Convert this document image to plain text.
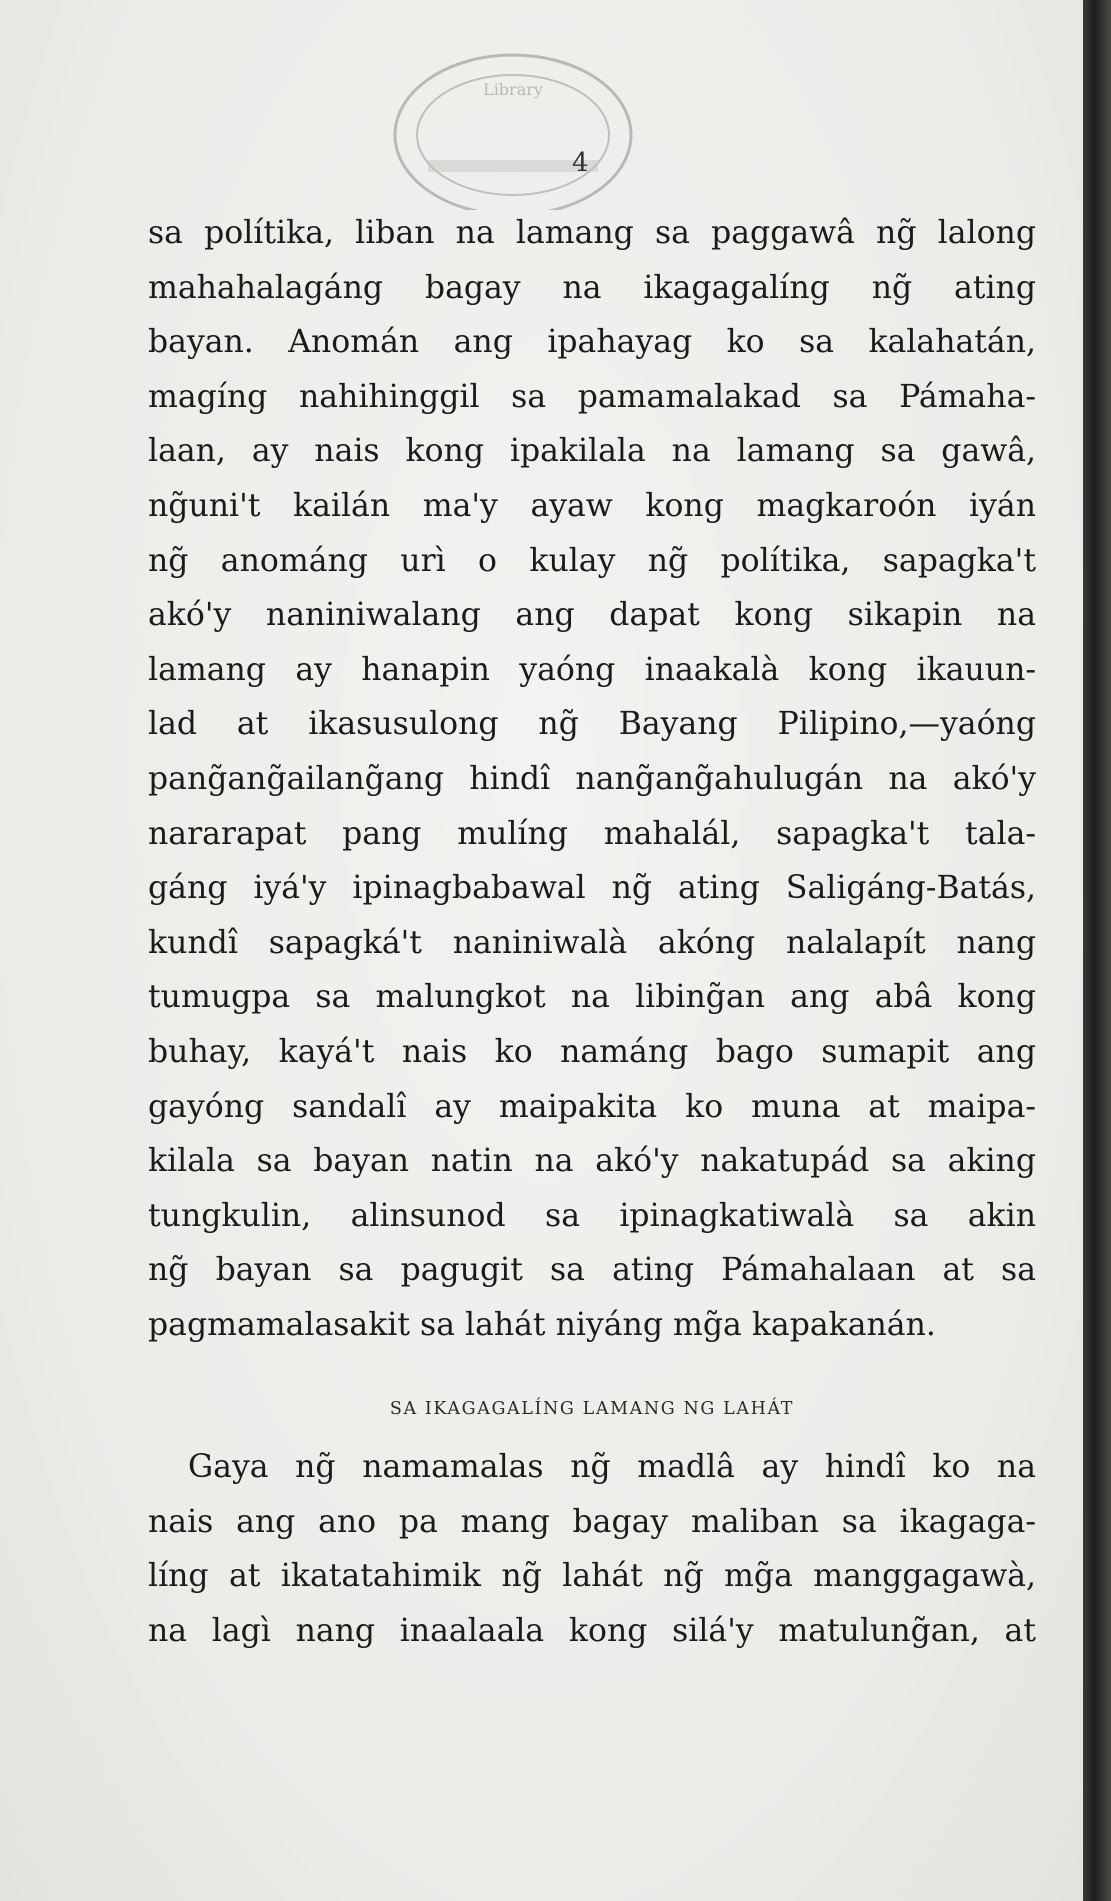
Library
4
sa polítika, liban na lamang sa paggawâ ng̃ lalong
mahahalagáng bagay na ikagagalíng ng̃ ating
bayan. Anomán ang ipahayag ko sa kalahatán,
magíng nahihinggil sa pamamalakad sa Pámaha-
laan, ay nais kong ipakilala na lamang sa gawâ,
ng̃uni't kailán ma'y ayaw kong magkaroón iyán
ng̃ anománg urì o kulay ng̃ polítika, sapagka't
akó'y naniniwalang ang dapat kong sikapin na
lamang ay hanapin yaóng inaakalà kong ikauun-
lad at ikasusulong ng̃ Bayang Pilipino,—yaóng
pang̃ang̃ailang̃ang hindî nang̃ang̃ahulugán na akó'y
nararapat pang mulíng mahalál, sapagka't tala-
gáng iyá'y ipinagbabawal ng̃ ating Saligáng-Batás,
kundî sapagká't naniniwalà akóng nalalapít nang
tumugpa sa malungkot na libing̃an ang abâ kong
buhay, kayá't nais ko namáng bago sumapit ang
gayóng sandalî ay maipakita ko muna at maipa-
kilala sa bayan natin na akó'y nakatupád sa aking
tungkulin, alinsunod sa ipinagkatiwalà sa akin
ng̃ bayan sa pagugit sa ating Pámahalaan at sa
pagmamalasakit sa lahát niyáng mg̃a kapakanán.
SA IKAGAGALÍNG LAMANG NG LAHÁT
Gaya ng̃ namamalas ng̃ madlâ ay hindî ko na
nais ang ano pa mang bagay maliban sa ikagaga-
líng at ikatatahimik ng̃ lahát ng̃ mg̃a manggagawà,
na lagì nang inaalaala kong silá'y matulung̃an, at
